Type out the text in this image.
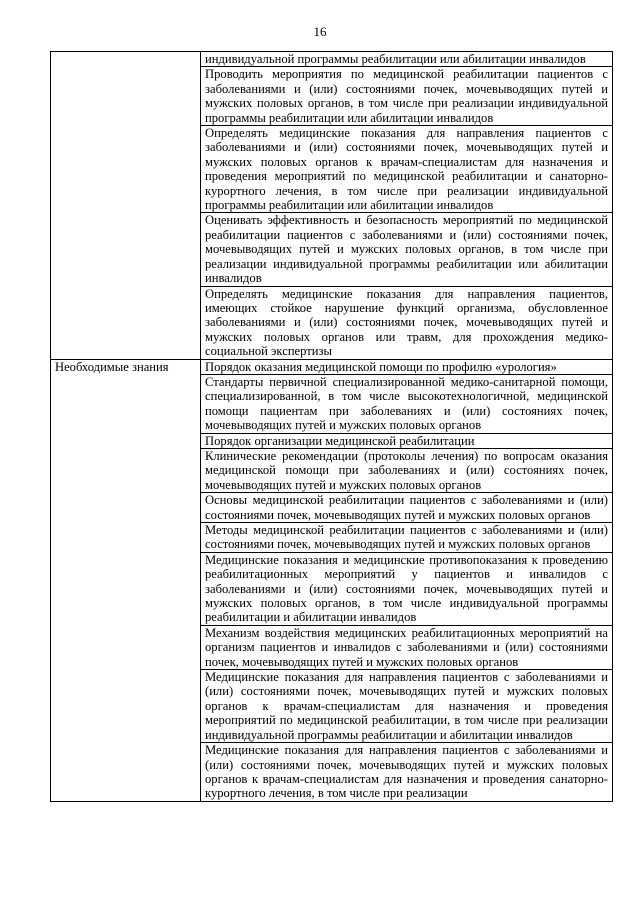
16
	индивидуальной программы реабилитации или абилитации инвалидов
	Проводить мероприятия по медицинской реабилитации пациентов с заболеваниями и (или) состояниями почек, мочевыводящих путей и мужских половых органов, в том числе при реализации индивидуальной программы реабилитации или абилитации инвалидов
	Определять медицинские показания для направления пациентов с заболеваниями и (или) состояниями почек, мочевыводящих путей и мужских половых органов к врачам-специалистам для назначения и проведения мероприятий по медицинской реабилитации и санаторно-курортного лечения, в том числе при реализации индивидуальной программы реабилитации или абилитации инвалидов
	Оценивать эффективность и безопасность мероприятий по медицинской реабилитации пациентов с заболеваниями и (или) состояниями почек, мочевыводящих путей и мужских половых органов, в том числе при реализации индивидуальной программы реабилитации или абилитации инвалидов
	Определять медицинские показания для направления пациентов, имеющих стойкое нарушение функций организма, обусловленное заболеваниями и (или) состояниями почек, мочевыводящих путей и мужских половых органов или травм, для прохождения медико-социальной экспертизы
Необходимые знания	Порядок оказания медицинской помощи по профилю «урология»
	Стандарты первичной специализированной медико-санитарной помощи, специализированной, в том числе высокотехнологичной, медицинской помощи пациентам при заболеваниях и (или) состояниях почек, мочевыводящих путей и мужских половых органов
	Порядок организации медицинской реабилитации
	Клинические рекомендации (протоколы лечения) по вопросам оказания медицинской помощи при заболеваниях и (или) состояниях почек, мочевыводящих путей и мужских половых органов
	Основы медицинской реабилитации пациентов с заболеваниями и (или) состояниями почек, мочевыводящих путей и мужских половых органов
	Методы медицинской реабилитации пациентов с заболеваниями и (или) состояниями почек, мочевыводящих путей и мужских половых органов
	Медицинские показания и медицинские противопоказания к проведению реабилитационных мероприятий у пациентов и инвалидов с заболеваниями и (или) состояниями почек, мочевыводящих путей и мужских половых органов, в том числе индивидуальной программы реабилитации и абилитации инвалидов
	Механизм воздействия медицинских реабилитационных мероприятий на организм пациентов и инвалидов с заболеваниями и (или) состояниями почек, мочевыводящих путей и мужских половых органов
	Медицинские показания для направления пациентов с заболеваниями и (или) состояниями почек, мочевыводящих путей и мужских половых органов к врачам-специалистам для назначения и проведения мероприятий по медицинской реабилитации, в том числе при реализации индивидуальной программы реабилитации и абилитации инвалидов
	Медицинские показания для направления пациентов с заболеваниями и (или) состояниями почек, мочевыводящих путей и мужских половых органов к врачам-специалистам для назначения и проведения санаторно-курортного лечения, в том числе при реализации
